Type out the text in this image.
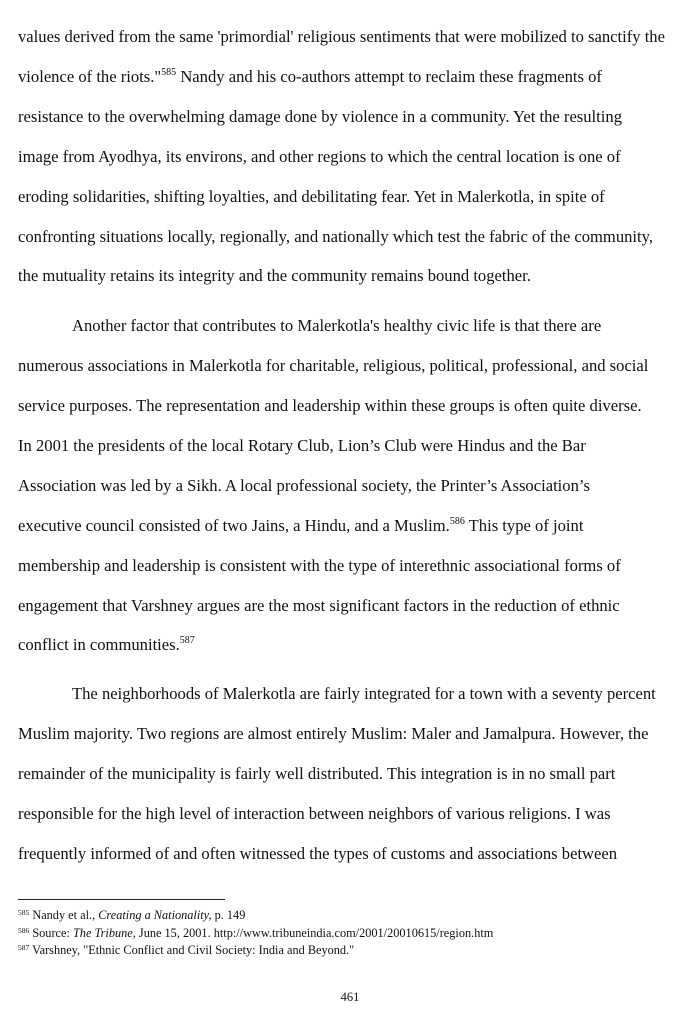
values derived from the same 'primordial' religious sentiments that were mobilized to sanctify the
violence of the riots."$^{585}$ Nandy and his co-authors attempt to reclaim these fragments of
resistance to the overwhelming damage done by violence in a community. Yet the resulting
image from Ayodhya, its environs, and other regions to which the central location is one of
eroding solidarities, shifting loyalties, and debilitating fear. Yet in Malerkotla, in spite of
confronting situations locally, regionally, and nationally which test the fabric of the community,
the mutuality retains its integrity and the community remains bound together.
Another factor that contributes to Malerkotla's healthy civic life is that there are
numerous associations in Malerkotla for charitable, religious, political, professional, and social
service purposes. The representation and leadership within these groups is often quite diverse.
In 2001 the presidents of the local Rotary Club, Lion’s Club were Hindus and the Bar
Association was led by a Sikh. A local professional society, the Printer’s Association’s
executive council consisted of two Jains, a Hindu, and a Muslim.$^{586}$ This type of joint
membership and leadership is consistent with the type of interethnic associational forms of
engagement that Varshney argues are the most significant factors in the reduction of ethnic
conflict in communities.$^{587}$
The neighborhoods of Malerkotla are fairly integrated for a town with a seventy percent
Muslim majority. Two regions are almost entirely Muslim: Maler and Jamalpura. However, the
remainder of the municipality is fairly well distributed. This integration is in no small part
responsible for the high level of interaction between neighbors of various religions. I was
frequently informed of and often witnessed the types of customs and associations between
$^{585}$ Nandy et al., Creating a Nationality, p. 149
$^{586}$ Source: The Tribune, June 15, 2001. http://www.tribuneindia.com/2001/20010615/region.htm
$^{587}$ Varshney, "Ethnic Conflict and Civil Society: India and Beyond."
461
